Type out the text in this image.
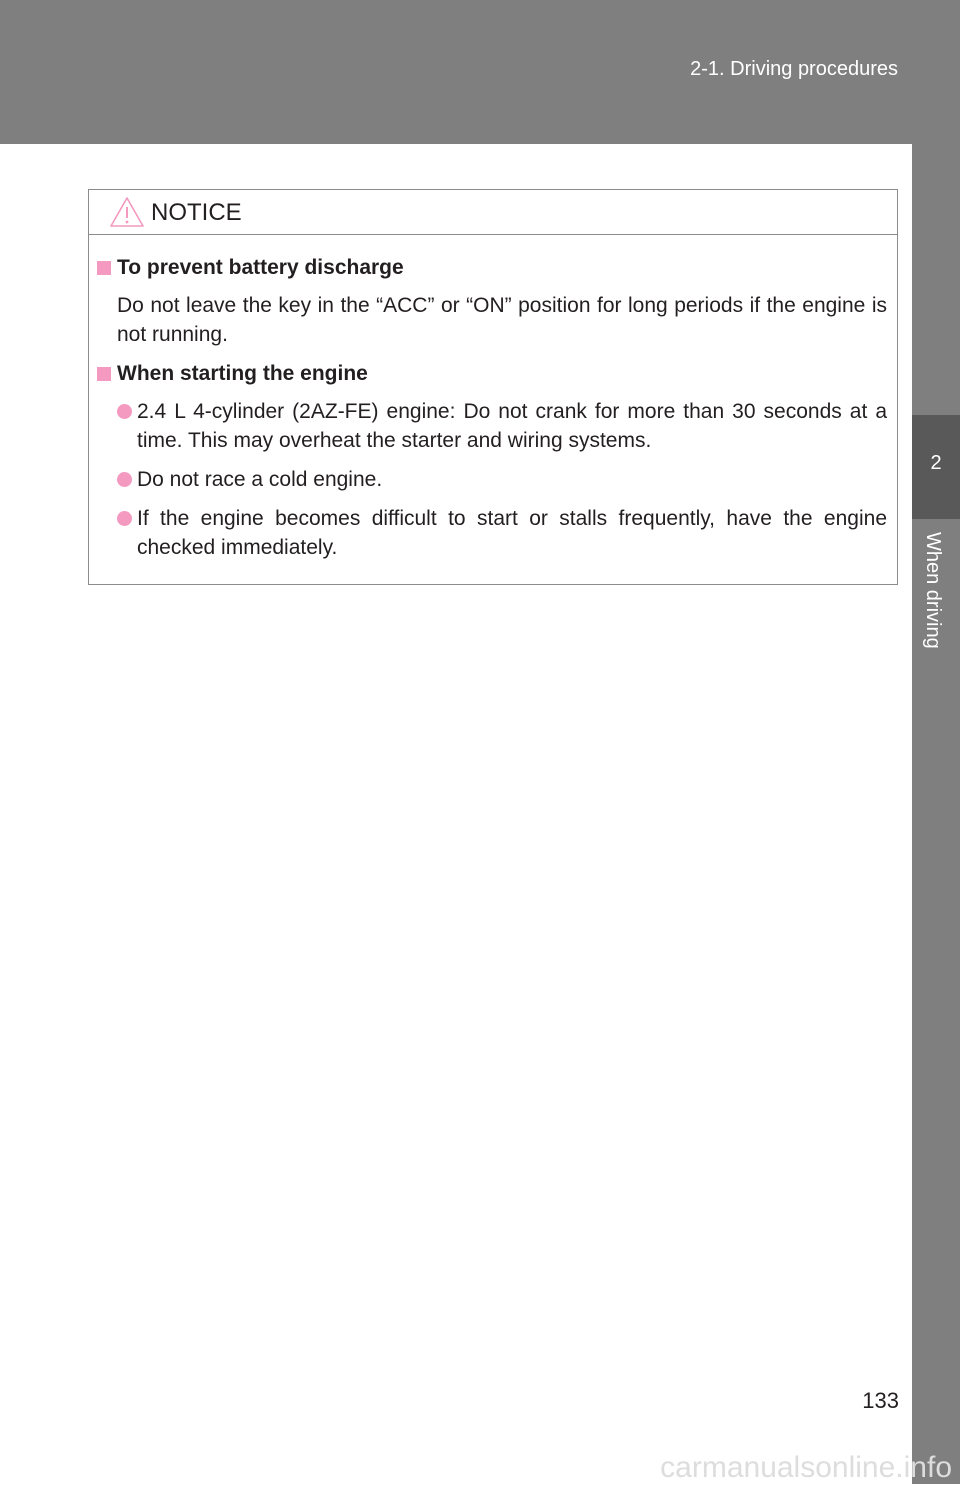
2-1. Driving procedures
2
When driving
NOTICE
To prevent battery discharge
Do not leave the key in the “ACC” or “ON” position for long periods if the engine is not running.
When starting the engine
2.4 L 4-cylinder (2AZ-FE) engine: Do not crank for more than 30 seconds at a time. This may overheat the starter and wiring systems.
Do not race a cold engine.
If the engine becomes difficult to start or stalls frequently, have the engine checked immediately.
133
carmanualsonline.info
